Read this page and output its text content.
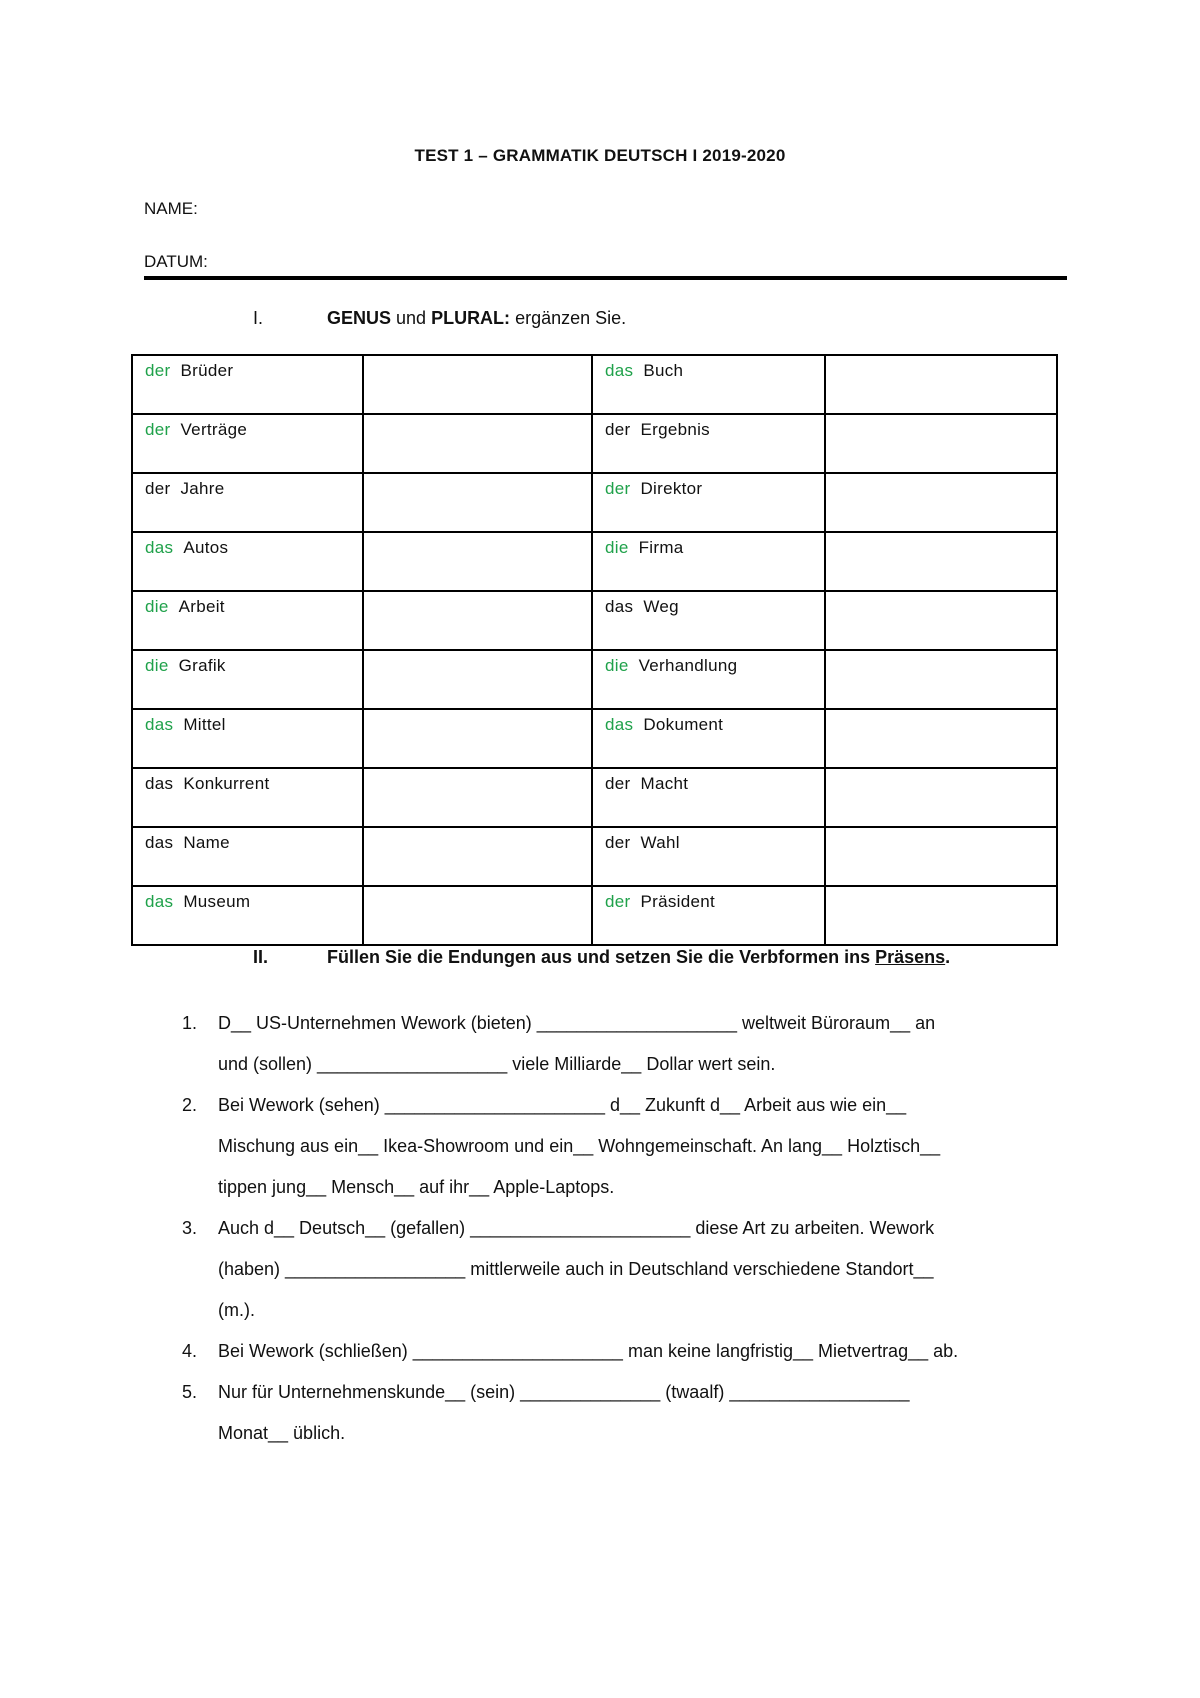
TEST 1 – GRAMMATIK DEUTSCH I 2019-2020
NAME:
DATUM:
I.	GENUS und PLURAL: ergänzen Sie.
der Brüder		das Buch	
der Verträge		der Ergebnis	
der Jahre		der Direktor	
das Autos		die Firma	
die Arbeit		das Weg	
die Grafik		die Verhandlung	
das Mittel		das Dokument	
das Konkurrent		der Macht	
das Name		der Wahl	
das Museum		der Präsident	
II.	Füllen Sie die Endungen aus und setzen Sie die Verbformen ins Präsens.
1. D__ US-Unternehmen Wework (bieten) ____________________ weltweit Büroraum__ an
und (sollen) ___________________ viele Milliarde__ Dollar wert sein.
2. Bei Wework (sehen) ______________________ d__ Zukunft d__ Arbeit aus wie ein__
Mischung aus ein__ Ikea-Showroom und ein__ Wohngemeinschaft. An lang__ Holztisch__
tippen jung__ Mensch__ auf ihr__ Apple-Laptops.
3. Auch d__ Deutsch__ (gefallen) ______________________ diese Art zu arbeiten. Wework
(haben) __________________ mittlerweile auch in Deutschland verschiedene Standort__
(m.).
4. Bei Wework (schließen) _____________________ man keine langfristig__ Mietvertrag__ ab.
5. Nur für Unternehmenskunde__ (sein) ______________ (twaalf) __________________
Monat__ üblich.
